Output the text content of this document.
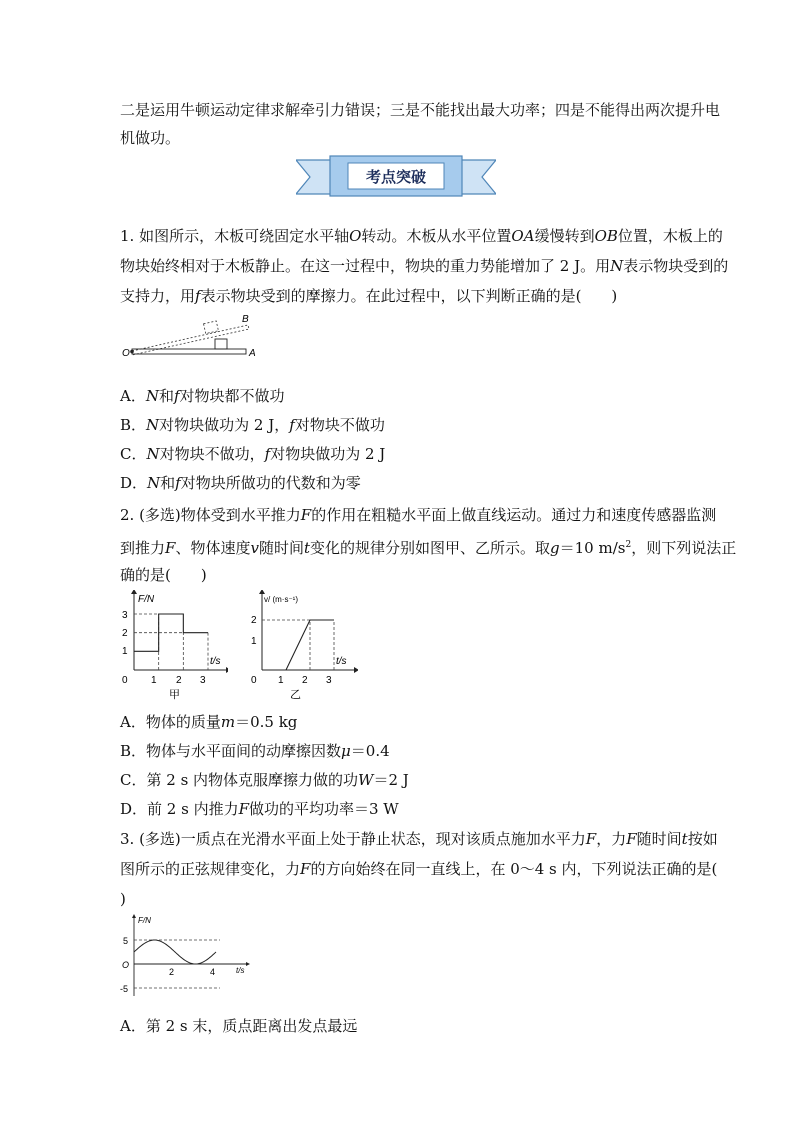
二是运用牛顿运动定律求解牵引力错误；三是不能找出最大功率；四是不能得出两次提升电
机做功。
考点突破
1. 如图所示，木板可绕固定水平轴O转动。木板从水平位置OA缓慢转到OB位置，木板上的
物块始终相对于木板静止。在这一过程中，物块的重力势能增加了 2 J。用N表示物块受到的
支持力，用f表示物块受到的摩擦力。在此过程中，以下判断正确的是(　　)
O	A
B
A．N和f对物块都不做功
B．N对物块做功为 2 J，f对物块不做功
C．N对物块不做功，f对物块做功为 2 J
D．N和f对物块所做功的代数和为零
2. (多选)物体受到水平推力F的作用在粗糙水平面上做直线运动。通过力和速度传感器监测
到推力F、物体速度v随时间t变化的规律分别如图甲、乙所示。取g＝10 $m/s^2$，则下列说法正
确的是(　　)
F/N
t/s
1
2
3
0 1 2 3
甲
v/ (m·s⁻¹)
t/s
1
2
0 1 2 3
乙
A．物体的质量m＝0.5 kg
B．物体与水平面间的动摩擦因数μ＝0.4
C．第 2 s 内物体克服摩擦力做的功W＝2 J
D．前 2 s 内推力F做功的平均功率＝3 W
3. (多选)一质点在光滑水平面上处于静止状态，现对该质点施加水平力F，力F随时间t按如
图所示的正弦规律变化，力F的方向始终在同一直线上，在 0～4 s 内，下列说法正确的是(
)
F/N
t/s
5
O
-5
2	4
A．第 2 s 末，质点距离出发点最远
